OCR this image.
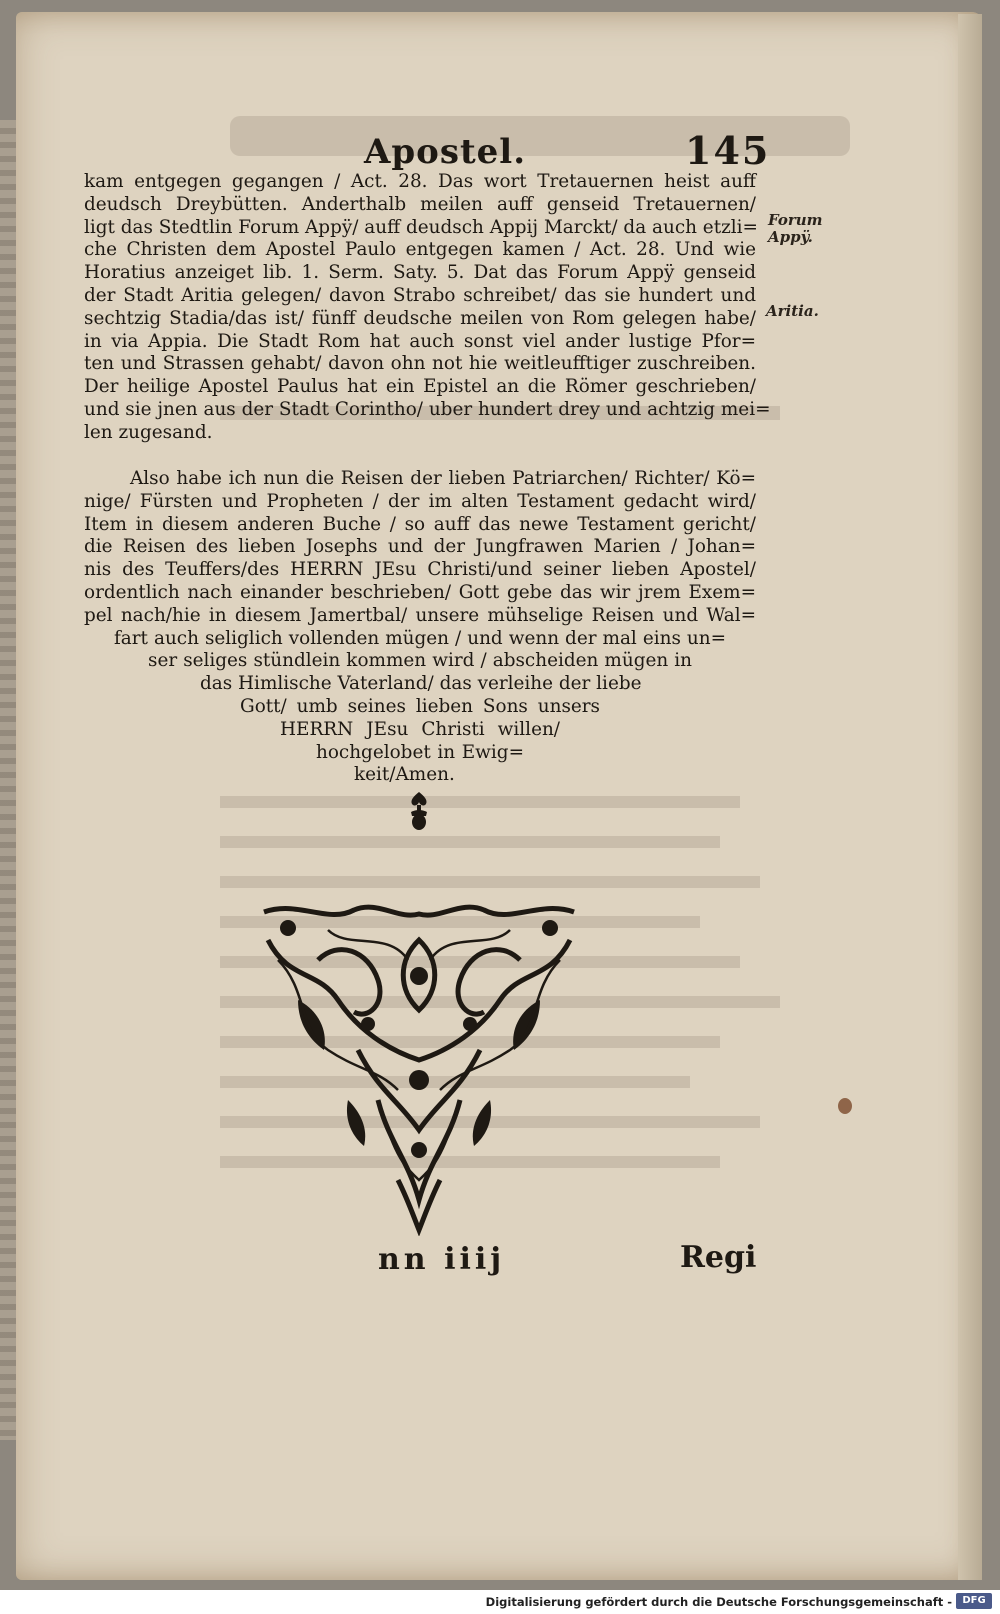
Apostel.	145
kam entgegen gegangen / Act. 28. Das wort Tretauernen heist auff
deudsch Dreybütten. Anderthalb meilen auff genseid Tretauernen/
ligt das Stedtlin Forum Appÿ/ auff deudsch Appij Marckt/ da auch etzli=
che Christen dem Apostel Paulo entgegen kamen / Act. 28. Und wie
Horatius anzeiget lib. 1. Serm. Saty. 5. Dat das Forum Appÿ genseid
der Stadt Aritia gelegen/ davon Strabo schreibet/ das sie hundert und
sechtzig Stadia/das ist/ fünff deudsche meilen von Rom gelegen habe/
in via Appia. Die Stadt Rom hat auch sonst viel ander lustige Pfor=
ten und Strassen gehabt/ davon ohn not hie weitleufftiger zuschreiben.
Der heilige Apostel Paulus hat ein Epistel an die Römer geschrieben/
und sie jnen aus der Stadt Corintho/ uber hundert drey und achtzig mei=
len zugesand.
Forum Appÿ.
Aritia.
Also habe ich nun die Reisen der lieben Patriarchen/ Richter/ Kö=
nige/ Fürsten und Propheten / der im alten Testament gedacht wird/
Item in diesem anderen Buche / so auff das newe Testament gericht/
die Reisen des lieben Josephs und der Jungfrawen Marien / Johan=
nis des Teuffers/des HERRN JEsu Christi/und seiner lieben Apostel/
ordentlich nach einander beschrieben/ Gott gebe das wir jrem Exem=
pel nach/hie in diesem Jamertbal/ unsere mühselige Reisen und Wal=
fart auch seliglich vollenden mügen / und wenn der mal eins un=
ser seliges stündlein kommen wird / abscheiden mügen in
das Himlische Vaterland/ das verleihe der liebe
Gott/ umb seines lieben Sons unsers
HERRN JEsu Christi willen/
hochgelobet in Ewig=
keit/Amen.
nn iiij	Regi
Digitalisierung gefördert durch die Deutsche Forschungsgemeinschaft -	DFG
